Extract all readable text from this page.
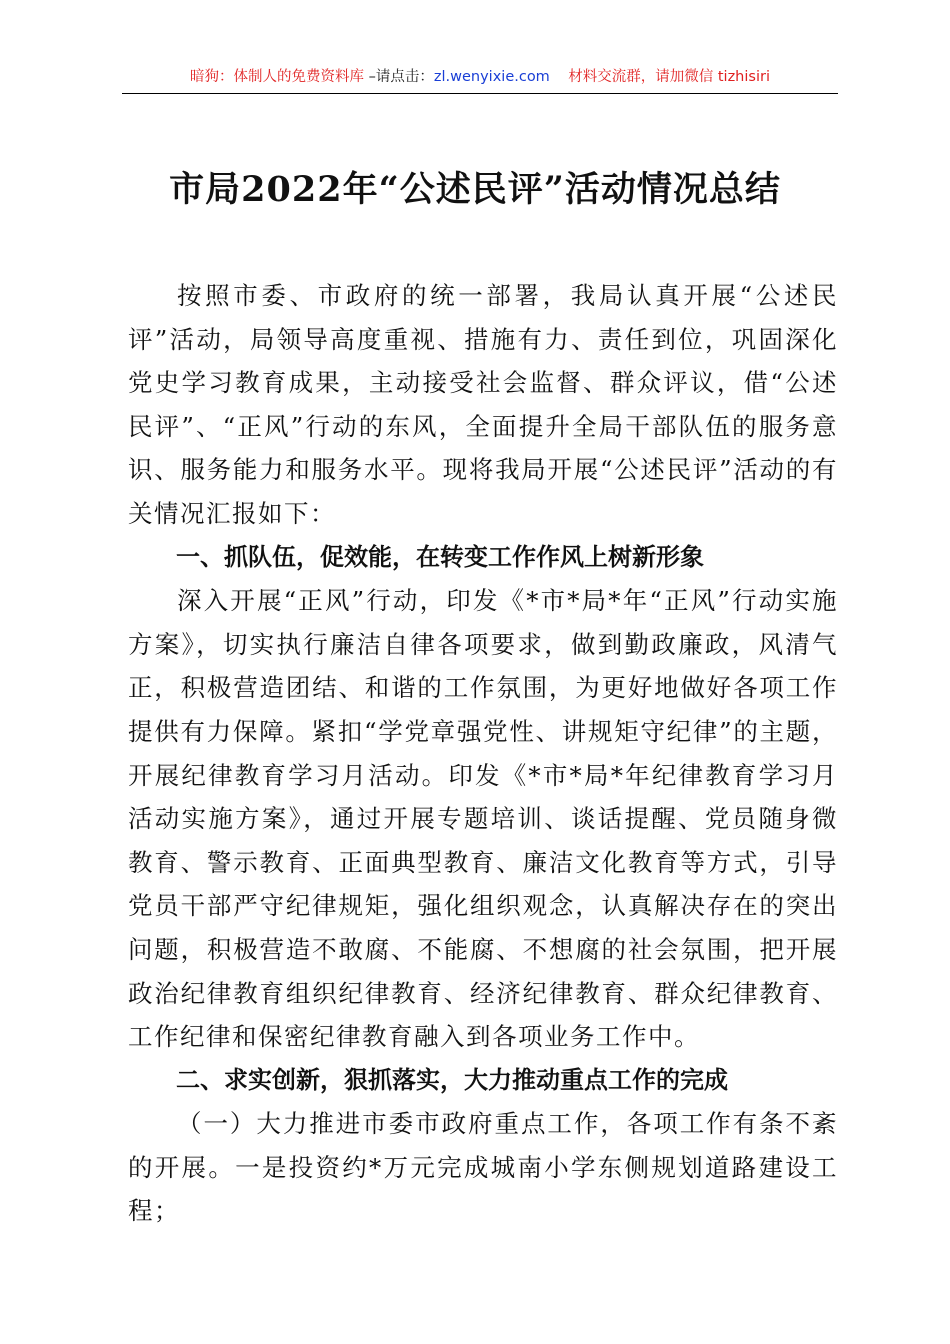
暗狗：体制人的免费资料库 –请点击：zl.wenyixie.com 材料交流群，请加微信 tizhisiri
市局2022年“公述民评”活动情况总结

按照市委、市政府的统一部署，我局认真开展“公述民评”活动，局领导高度重视、措施有力、责任到位，巩固深化党史学习教育成果，主动接受社会监督、群众评议，借“公述民评”、“正风”行动的东风，全面提升全局干部队伍的服务意识、服务能力和服务水平。现将我局开展“公述民评”活动的有关情况汇报如下：

一、抓队伍，促效能，在转变工作作风上树新形象

深入开展“正风”行动，印发《*市*局*年“正风”行动实施方案》，切实执行廉洁自律各项要求，做到勤政廉政，风清气正，积极营造团结、和谐的工作氛围，为更好地做好各项工作提供有力保障。紧扣“学党章强党性、讲规矩守纪律”的主题，开展纪律教育学习月活动。印发《*市*局*年纪律教育学习月活动实施方案》，通过开展专题培训、谈话提醒、党员随身微教育、警示教育、正面典型教育、廉洁文化教育等方式，引导党员干部严守纪律规矩，强化组织观念，认真解决存在的突出问题，积极营造不敢腐、不能腐、不想腐的社会氛围，把开展政治纪律教育组织纪律教育、经济纪律教育、群众纪律教育、工作纪律和保密纪律教育融入到各项业务工作中。

二、求实创新，狠抓落实，大力推动重点工作的完成

（一）大力推进市委市政府重点工作，各项工作有条不紊的开展。一是投资约*万元完成城南小学东侧规划道路建设工程；
